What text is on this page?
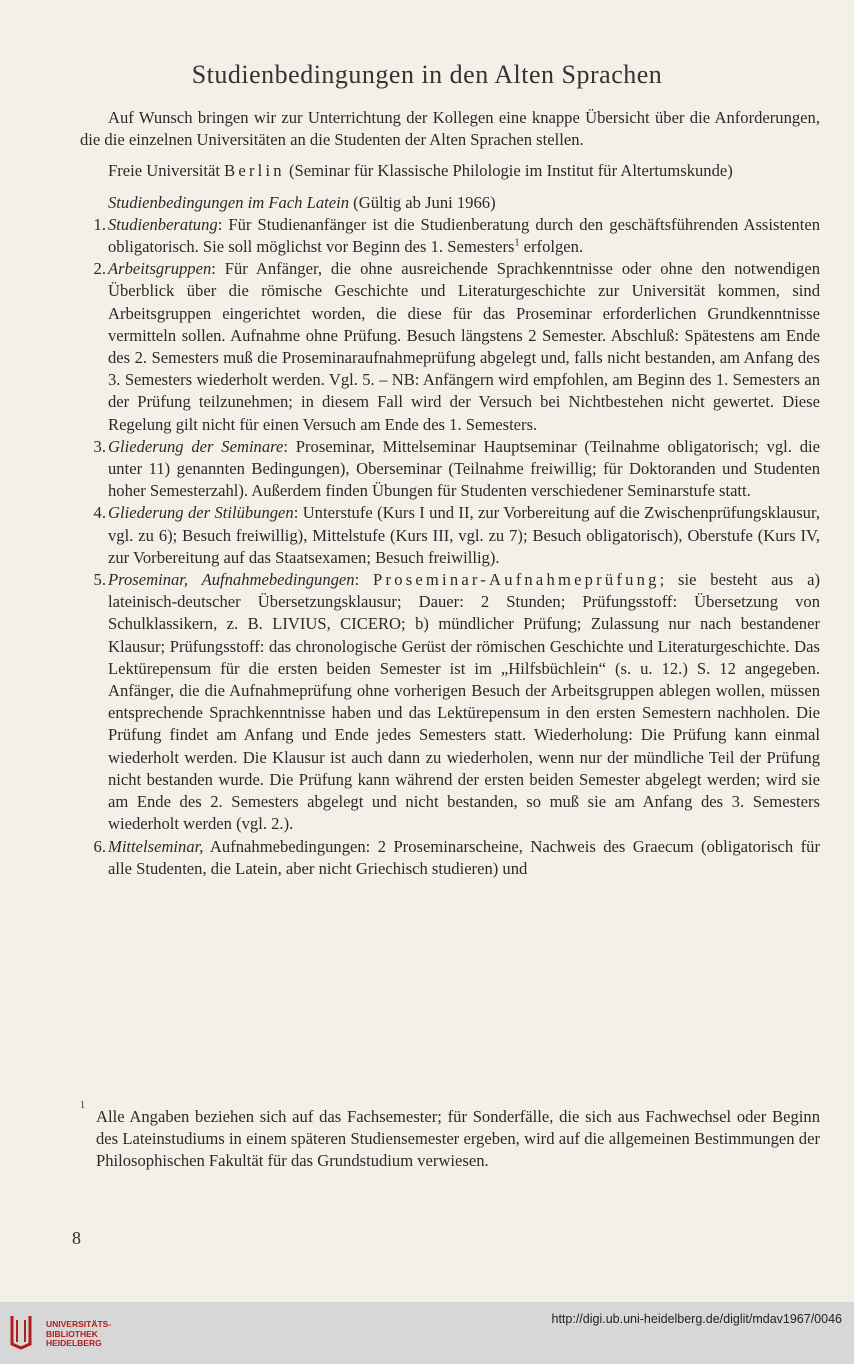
Studienbedingungen in den Alten Sprachen

Auf Wunsch bringen wir zur Unterrichtung der Kollegen eine knappe Übersicht über die Anforderungen, die die einzelnen Universitäten an die Studenten der Alten Sprachen stellen.

Freie Universität Berlin (Seminar für Klassische Philologie im Institut für Altertumskunde)

Studienbedingungen im Fach Latein (Gültig ab Juni 1966)

1. Studienberatung: Für Studienanfänger ist die Studienberatung durch den geschäftsführenden Assistenten obligatorisch. Sie soll möglichst vor Beginn des 1. Semesters$^1$ erfolgen.
2. Arbeitsgruppen: Für Anfänger, die ohne ausreichende Sprachkenntnisse oder ohne den notwendigen Überblick über die römische Geschichte und Literaturgeschichte zur Universität kommen, sind Arbeitsgruppen eingerichtet worden, die diese für das Proseminar erforderlichen Grundkenntnisse vermitteln sollen. Aufnahme ohne Prüfung. Besuch längstens 2 Semester. Abschluß: Spätestens am Ende des 2. Semesters muß die Proseminaraufnahmeprüfung abgelegt und, falls nicht bestanden, am Anfang des 3. Semesters wiederholt werden. Vgl. 5. – NB: Anfängern wird empfohlen, am Beginn des 1. Semesters an der Prüfung teilzunehmen; in diesem Fall wird der Versuch bei Nichtbestehen nicht gewertet. Diese Regelung gilt nicht für einen Versuch am Ende des 1. Semesters.
3. Gliederung der Seminare: Proseminar, Mittelseminar Hauptseminar (Teilnahme obligatorisch; vgl. die unter 11) genannten Bedingungen), Oberseminar (Teilnahme freiwillig; für Doktoranden und Studenten hoher Semesterzahl). Außerdem finden Übungen für Studenten verschiedener Seminarstufe statt.
4. Gliederung der Stilübungen: Unterstufe (Kurs I und II, zur Vorbereitung auf die Zwischenprüfungsklausur, vgl. zu 6); Besuch freiwillig), Mittelstufe (Kurs III, vgl. zu 7); Besuch obligatorisch), Oberstufe (Kurs IV, zur Vorbereitung auf das Staatsexamen; Besuch freiwillig).
5. Proseminar, Aufnahmebedingungen: Proseminar-Aufnahmeprüfung; sie besteht aus a) lateinisch-deutscher Übersetzungsklausur; Dauer: 2 Stunden; Prüfungsstoff: Übersetzung von Schulklassikern, z. B. LIVIUS, CICERO; b) mündlicher Prüfung; Zulassung nur nach bestandener Klausur; Prüfungsstoff: das chronologische Gerüst der römischen Geschichte und Literaturgeschichte. Das Lektürepensum für die ersten beiden Semester ist im „Hilfsbüchlein“ (s. u. 12.) S. 12 angegeben. Anfänger, die die Aufnahmeprüfung ohne vorherigen Besuch der Arbeitsgruppen ablegen wollen, müssen entsprechende Sprachkenntnisse haben und das Lektürepensum in den ersten Semestern nachholen. Die Prüfung findet am Anfang und Ende jedes Semesters statt. Wiederholung: Die Prüfung kann einmal wiederholt werden. Die Klausur ist auch dann zu wiederholen, wenn nur der mündliche Teil der Prüfung nicht bestanden wurde. Die Prüfung kann während der ersten beiden Semester abgelegt werden; wird sie am Ende des 2. Semesters abgelegt und nicht bestanden, so muß sie am Anfang des 3. Semesters wiederholt werden (vgl. 2.).
6. Mittelseminar, Aufnahmebedingungen: 2 Proseminarscheine, Nachweis des Graecum (obligatorisch für alle Studenten, die Latein, aber nicht Griechisch studieren) und
1
Alle Angaben beziehen sich auf das Fachsemester; für Sonderfälle, die sich aus Fachwechsel oder Beginn des Lateinstudiums in einem späteren Studiensemester ergeben, wird auf die allgemeinen Bestimmungen der Philosophischen Fakultät für das Grundstudium verwiesen.
8
UNIVERSITÄTS-
BIBLIOTHEK
HEIDELBERG
http://digi.ub.uni-heidelberg.de/diglit/mdav1967/0046
